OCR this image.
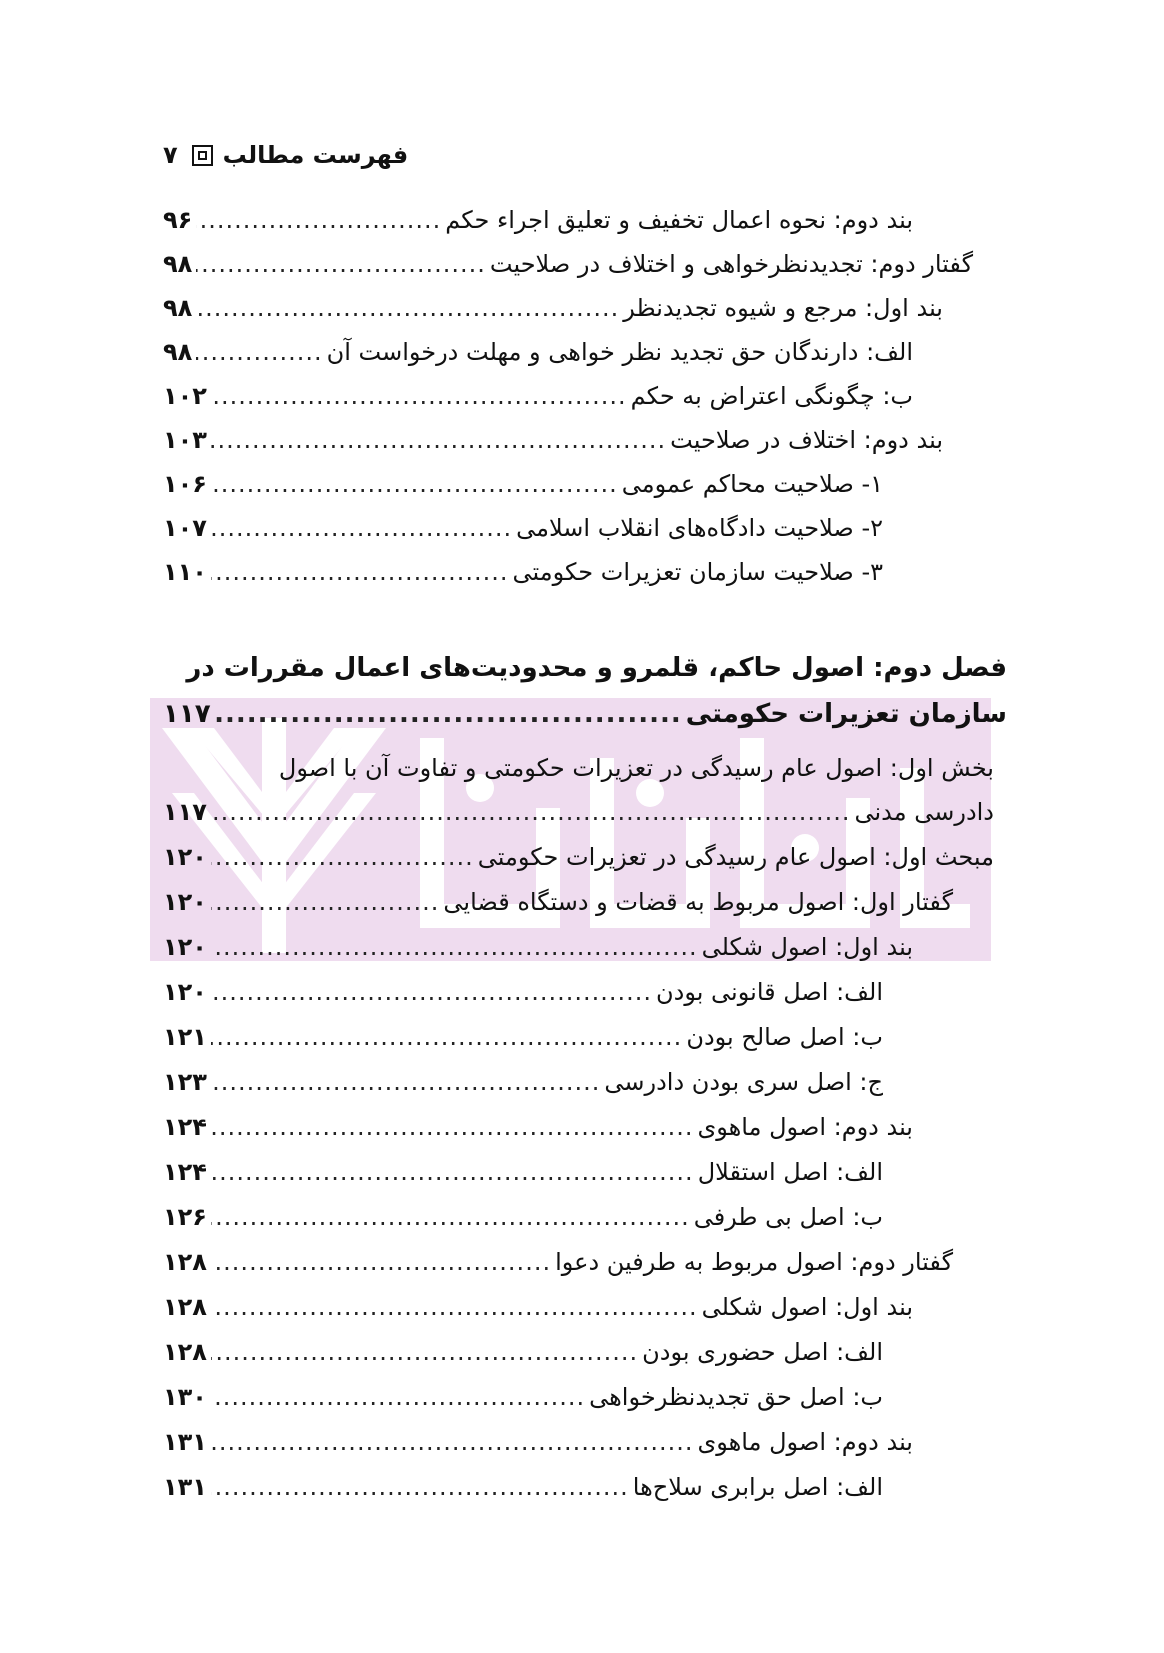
۷ فهرست مطالب
بند دوم: نحوه اعمال تخفیف و تعلیق اجراء حکم
.....
۹۶
گفتار دوم: تجدیدنظرخواهی و اختلاف در صلاحیت
.....
۹۸
بند اول: مرجع و شیوه تجدیدنظر
.....
۹۸
الف: دارندگان حق تجدید نظر خواهی و مهلت درخواست آن
.....
۹۸
ب: چگونگی اعتراض به حکم
.....
۱۰۲
بند دوم: اختلاف در صلاحیت
.....
۱۰۳
۱- صلاحیت محاکم عمومی
.....
۱۰۶
۲- صلاحیت دادگاه‌های انقلاب اسلامی
.....
۱۰۷
۳- صلاحیت سازمان تعزیرات حکومتی
.....
۱۱۰
فصل دوم: اصول حاکم، قلمرو و محدودیت‌های اعمال مقررات در
سازمان تعزیرات حکومتی
.....
۱۱۷
بخش اول: اصول عام رسیدگی در تعزیرات حکومتی و تفاوت آن با اصول
دادرسی مدنی
.....
۱۱۷
مبحث اول: اصول عام رسیدگی در تعزیرات حکومتی
.....
۱۲۰
گفتار اول: اصول مربوط به قضات و دستگاه قضایی
.....
۱۲۰
بند اول: اصول شکلی
.....
۱۲۰
الف: اصل قانونی بودن
.....
۱۲۰
ب: اصل صالح بودن
.....
۱۲۱
ج: اصل سری بودن دادرسی
.....
۱۲۳
بند دوم: اصول ماهوی
.....
۱۲۴
الف: اصل استقلال
.....
۱۲۴
ب: اصل بی طرفی
.....
۱۲۶
گفتار دوم: اصول مربوط به طرفین دعوا
.....
۱۲۸
بند اول: اصول شکلی
.....
۱۲۸
الف: اصل حضوری بودن
.....
۱۲۸
ب: اصل حق تجدیدنظرخواهی
.....
۱۳۰
بند دوم: اصول ماهوی
.....
۱۳۱
الف: اصل برابری سلاح‌ها
.....
۱۳۱
